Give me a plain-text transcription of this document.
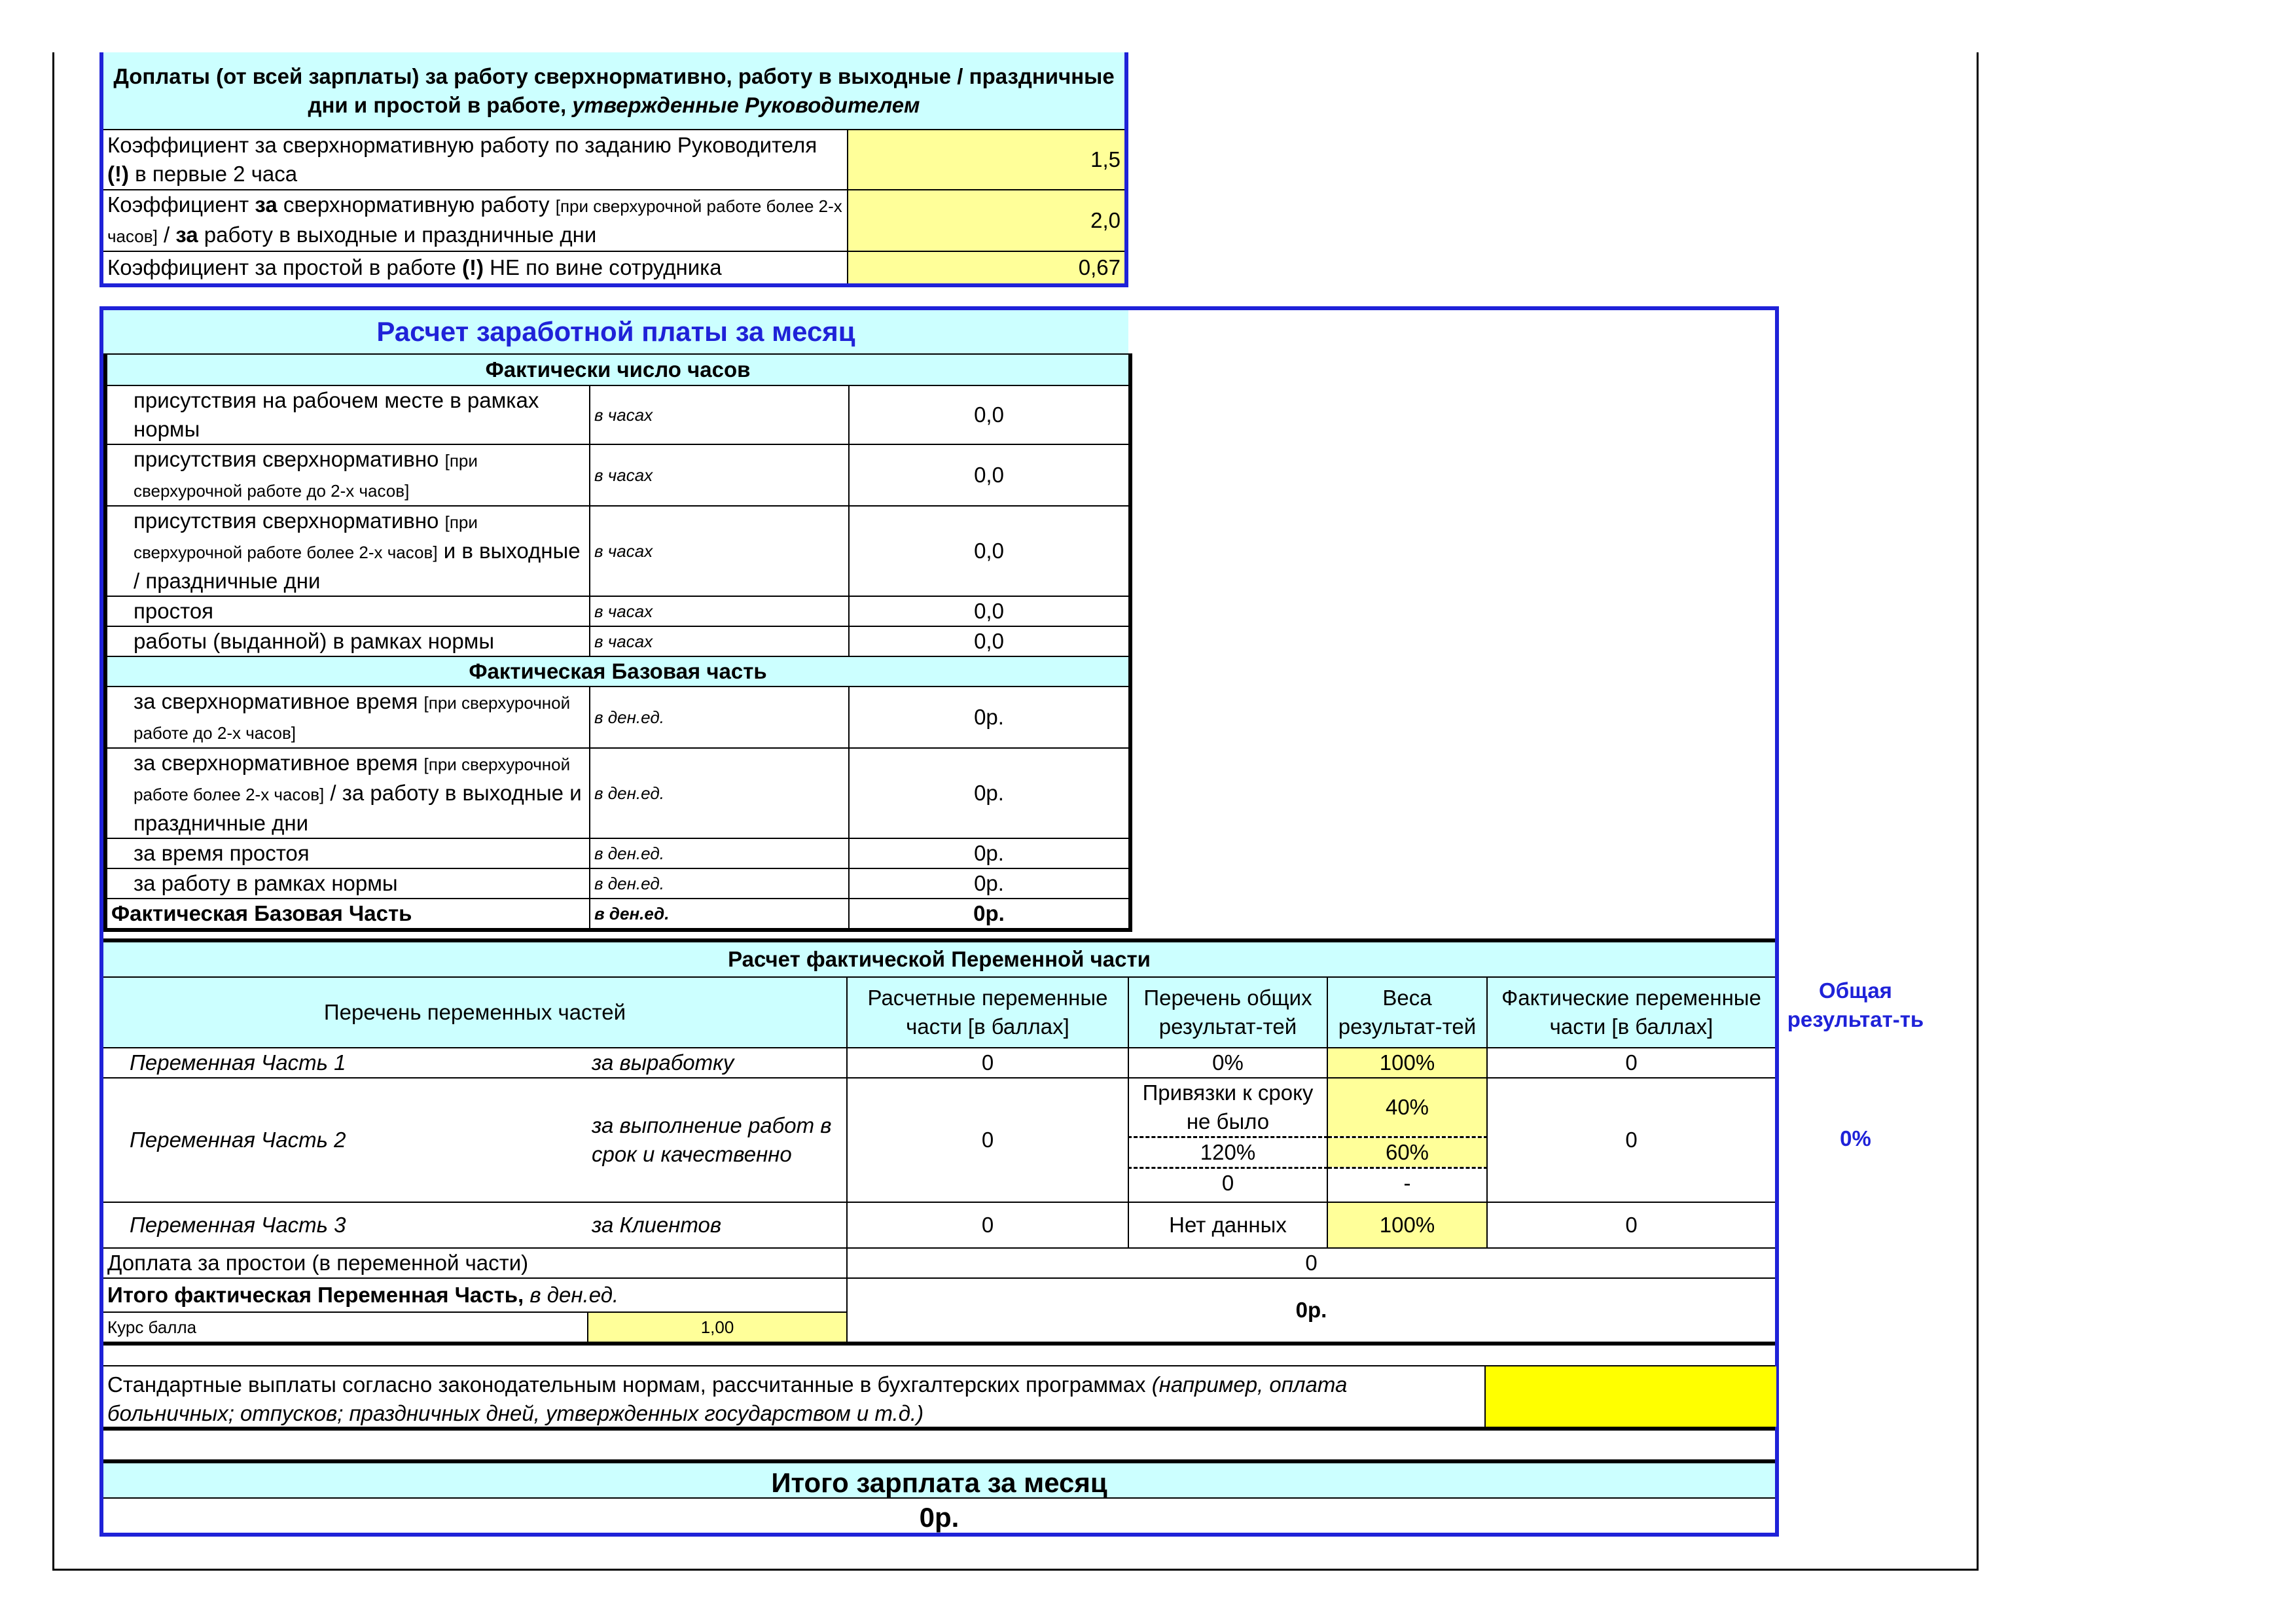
Доплаты (от всей зарплаты) за работу сверхнормативно, работу в выходные / праздничные дни и простой в работе, утвержденные Руководителем	
Коэффициент за сверхнормативную работу по заданию Руководителя (!) в первые 2 часа	1,5
Коэффициент за сверхнормативную работу [при сверхурочной работе более 2-х часов] / за работу в выходные и праздничные дни	2,0
Коэффициент за простой в работе (!) НЕ по вине сотрудника	0,67
Расчет заработной платы за месяц
Фактически число часов		
присутствия на рабочем месте в рамках нормы	в часах	0,0
присутствия сверхнормативно [при сверхурочной работе до 2-х часов]	в часах	0,0
присутствия сверхнормативно [при сверхурочной работе более 2-х часов] и в выходные / праздничные дни	в часах	0,0
простоя	в часах	0,0
работы (выданной) в рамках нормы	в часах	0,0
Фактическая Базовая часть		
за сверхнормативное время [при сверхурочной работе до 2-х часов]	в ден.ед.	0р.
за сверхнормативное время [при сверхурочной работе более 2-х часов] / за работу в выходные и праздничные дни	в ден.ед.	0р.
за время простоя	в ден.ед.	0р.
за работу в рамках нормы	в ден.ед.	0р.
Фактическая Базовая Часть	в ден.ед.	0р.
Расчет фактической Переменной части					
Перечень переменных частей		Расчетные переменные части [в баллах]	Перечень общих результат-тей	Веса результат-тей	Фактические переменные части [в баллах]
Переменная Часть 1	за выработку	0	0%	100%	0
Переменная Часть 2	за выполнение работ в срок и качественно	0	Привязки к сроку не было	40%	0
			120%	60%	
			0	-	
Переменная Часть 3	за Клиентов	0	Нет данных	100%	0
Доплата за простои (в переменной части)		0			
Итого фактическая Переменная Часть, в ден.ед.		0р.			
Курс балла	1,00				
Стандартные выплаты согласно законодательным нормам, рассчитанные в бухгалтерских программах (например, оплата больничных; отпусков; праздничных дней, утвержденных государством и т.д.)
Итого зарплата за месяц
0р.
Общая результат-ть
0%
